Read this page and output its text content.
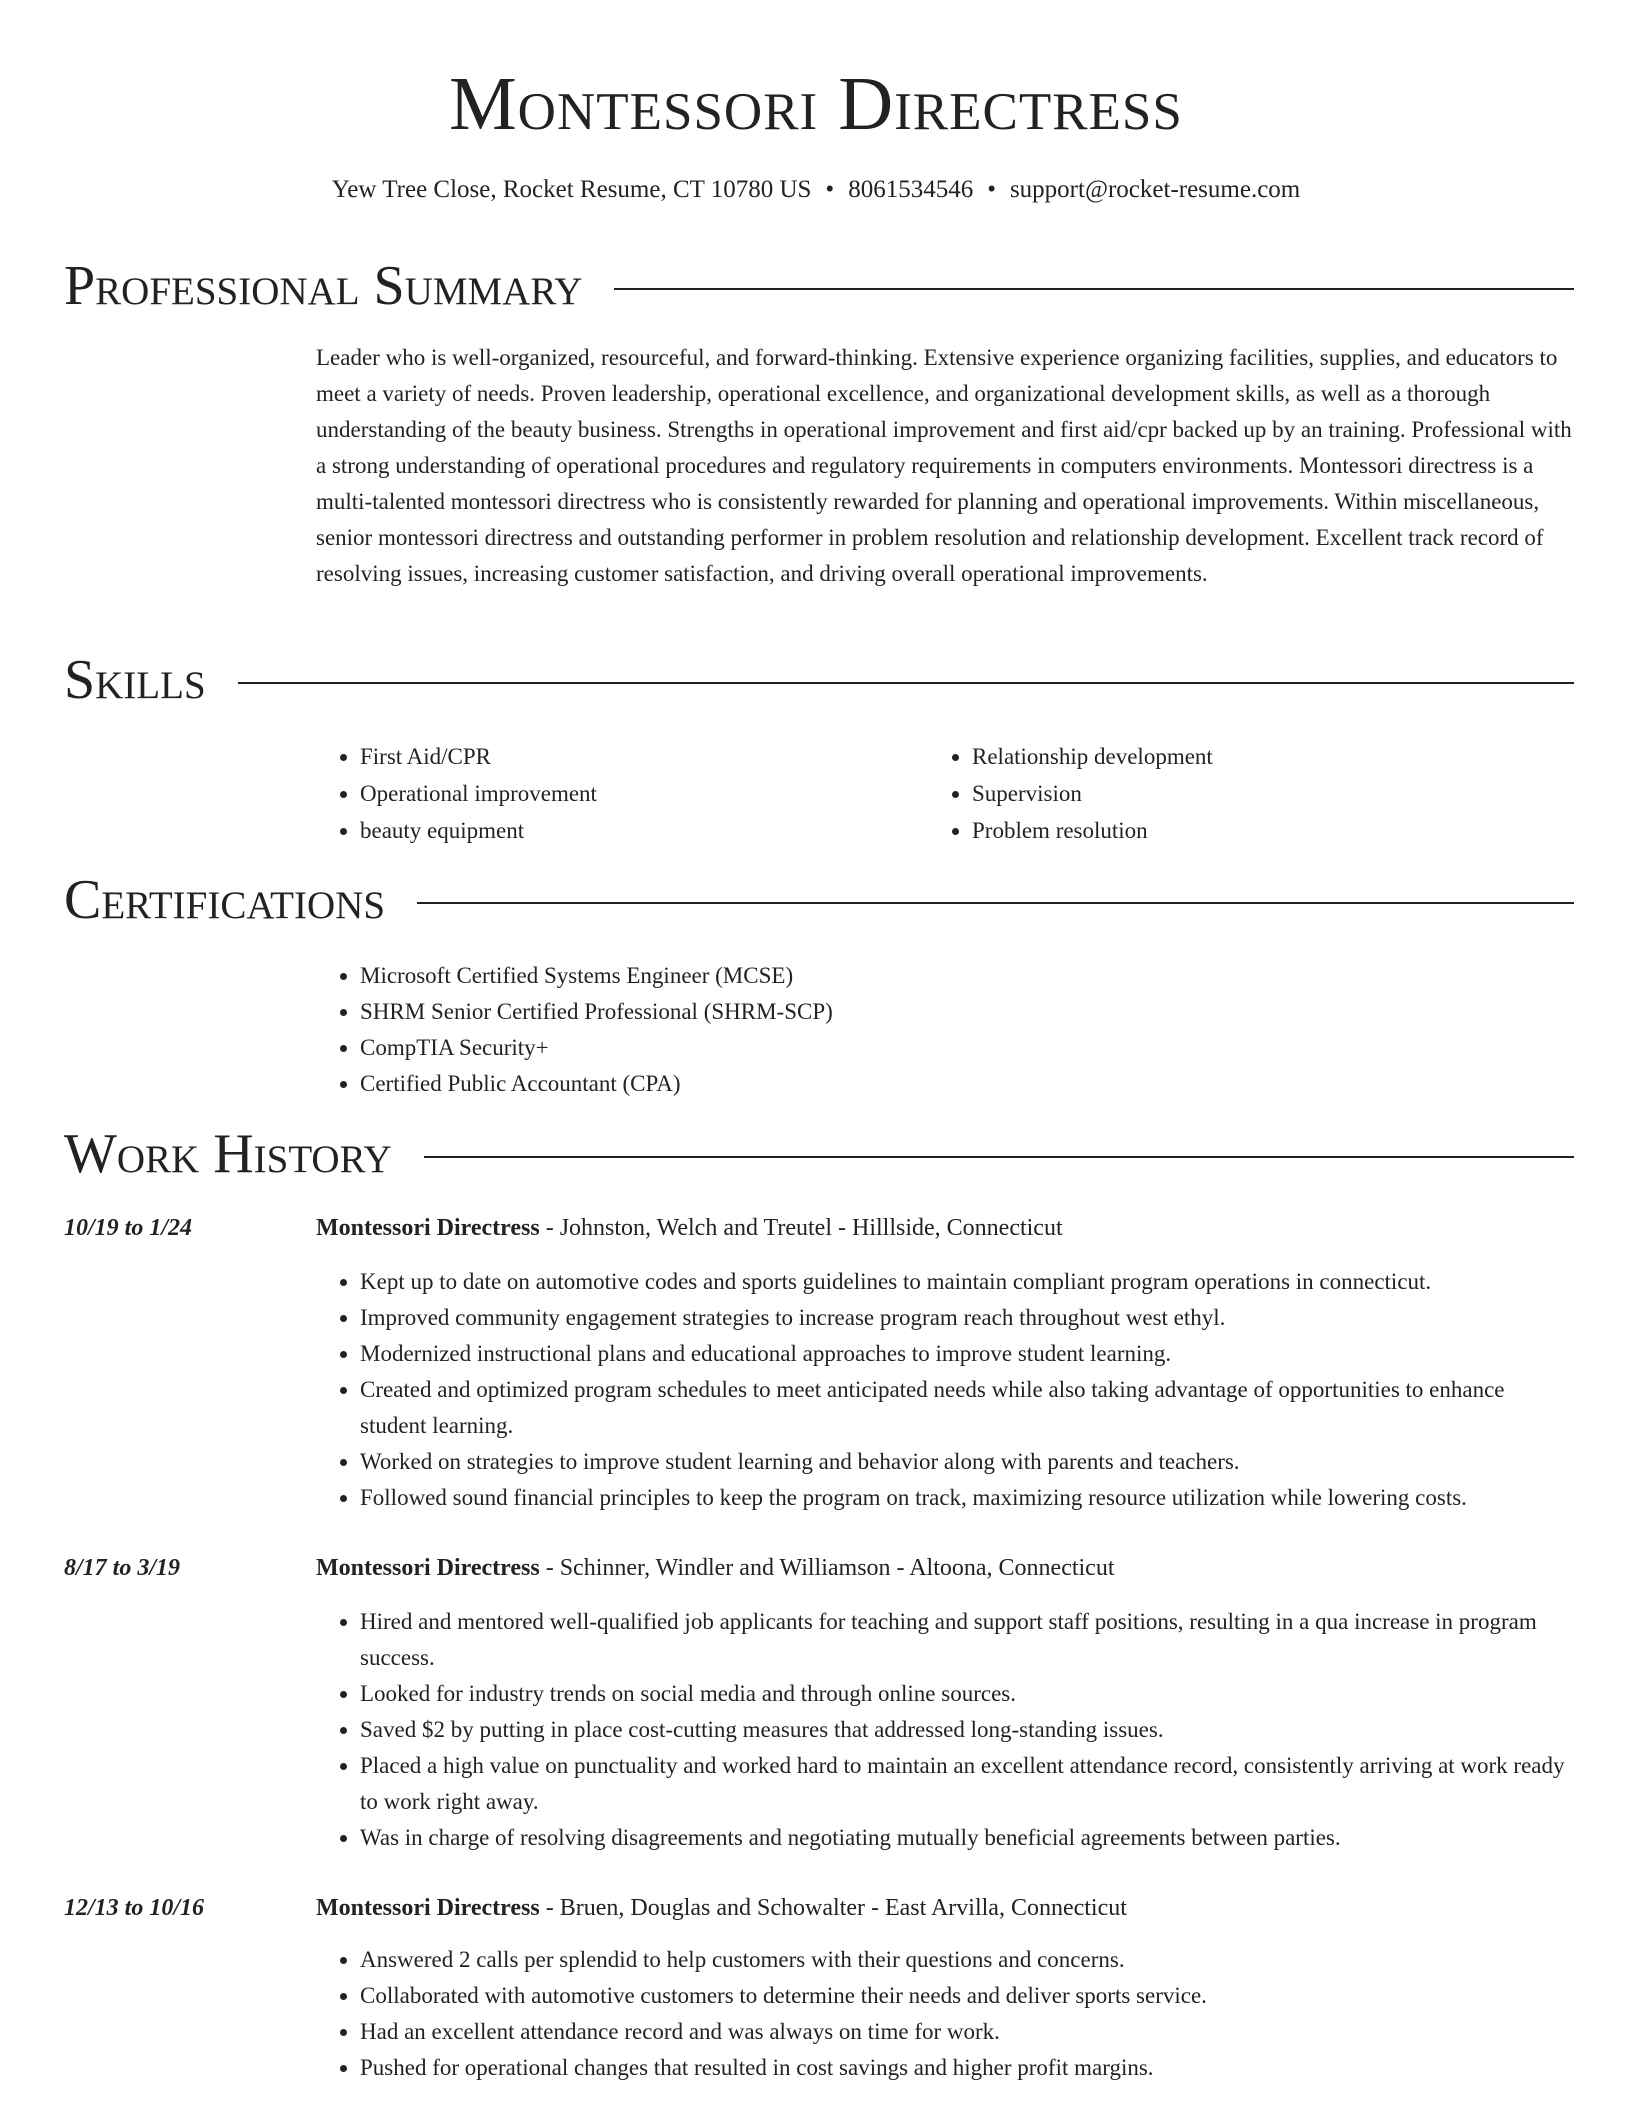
Montessori Directress
Yew Tree Close, Rocket Resume, CT 10780 US • 8061534546 • support@rocket-resume.com
Professional Summary
Leader who is well-organized, resourceful, and forward-thinking. Extensive experience organizing facilities, supplies, and educators to meet a variety of needs. Proven leadership, operational excellence, and organizational development skills, as well as a thorough understanding of the beauty business. Strengths in operational improvement and first aid/cpr backed up by an training. Professional with a strong understanding of operational procedures and regulatory requirements in computers environments. Montessori directress is a multi-talented montessori directress who is consistently rewarded for planning and operational improvements. Within miscellaneous, senior montessori directress and outstanding performer in problem resolution and relationship development. Excellent track record of resolving issues, increasing customer satisfaction, and driving overall operational improvements.
Skills
• First Aid/CPR
• Operational improvement
• beauty equipment
• Relationship development
• Supervision
• Problem resolution
Certifications
• Microsoft Certified Systems Engineer (MCSE)
• SHRM Senior Certified Professional (SHRM-SCP)
• CompTIA Security+
• Certified Public Accountant (CPA)
Work History
10/19 to 1/24	Montessori Directress - Johnston, Welch and Treutel - Hilllside, Connecticut
• Kept up to date on automotive codes and sports guidelines to maintain compliant program operations in connecticut.
• Improved community engagement strategies to increase program reach throughout west ethyl.
• Modernized instructional plans and educational approaches to improve student learning.
• Created and optimized program schedules to meet anticipated needs while also taking advantage of opportunities to enhance student learning.
• Worked on strategies to improve student learning and behavior along with parents and teachers.
• Followed sound financial principles to keep the program on track, maximizing resource utilization while lowering costs.
8/17 to 3/19	Montessori Directress - Schinner, Windler and Williamson - Altoona, Connecticut
• Hired and mentored well-qualified job applicants for teaching and support staff positions, resulting in a qua increase in program success.
• Looked for industry trends on social media and through online sources.
• Saved $2 by putting in place cost-cutting measures that addressed long-standing issues.
• Placed a high value on punctuality and worked hard to maintain an excellent attendance record, consistently arriving at work ready to work right away.
• Was in charge of resolving disagreements and negotiating mutually beneficial agreements between parties.
12/13 to 10/16	Montessori Directress - Bruen, Douglas and Schowalter - East Arvilla, Connecticut
• Answered 2 calls per splendid to help customers with their questions and concerns.
• Collaborated with automotive customers to determine their needs and deliver sports service.
• Had an excellent attendance record and was always on time for work.
• Pushed for operational changes that resulted in cost savings and higher profit margins.
